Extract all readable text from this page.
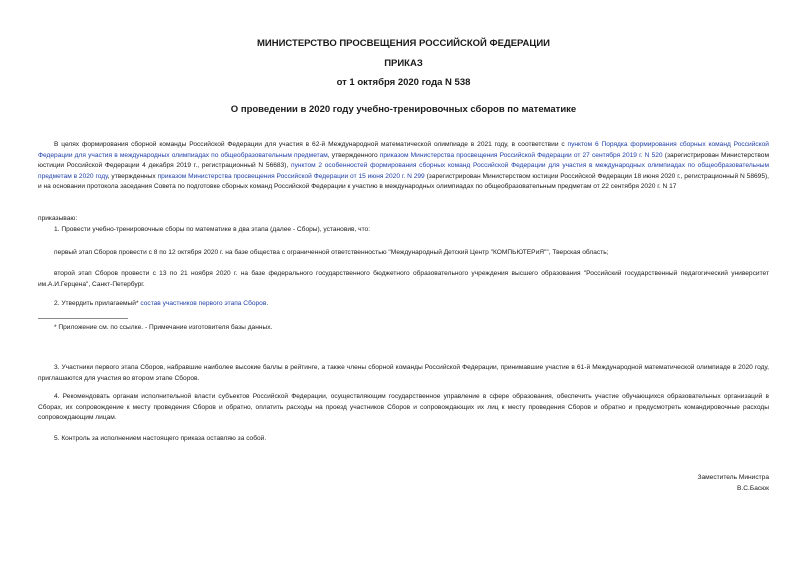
МИНИСТЕРСТВО ПРОСВЕЩЕНИЯ РОССИЙСКОЙ ФЕДЕРАЦИИ
ПРИКАЗ
от 1 октября 2020 года N 538
О проведении в 2020 году учебно-тренировочных сборов по математике
В целях формирования сборной команды Российской Федерации для участия в 62-й Международной математической олимпиаде в 2021 году, в соответствии с пунктом 6 Порядка формирования сборных команд Российской Федерации для участия в международных олимпиадах по общеобразовательным предметам, утвержденного приказом Министерства просвещения Российской Федерации от 27 сентября 2019 г. N 520 (зарегистрирован Министерством юстиции Российской Федерации 4 декабря 2019 г., регистрационный N 56683), пунктом 2 особенностей формирования сборных команд Российской Федерации для участия в международных олимпиадах по общеобразовательным предметам в 2020 году, утвержденных приказом Министерства просвещения Российской Федерации от 15 июня 2020 г. N 299 (зарегистрирован Министерством юстиции Российской Федерации 18 июня 2020 г., регистрационный N 58695), и на основании протокола заседания Совета по подготовке сборных команд Российской Федерации к участию в международных олимпиадах по общеобразовательным предметам от 22 сентября 2020 г. N 17
приказываю:
1. Провести учебно-тренировочные сборы по математике в два этапа (далее - Сборы), установив, что:
первый этап Сборов провести с 8 по 12 октября 2020 г. на базе общества с ограниченной ответственностью "Международный Детский Центр "КОМПЬЮТЕРиЯ"", Тверская область;
второй этап Сборов провести с 13 по 21 ноября 2020 г. на базе федерального государственного бюджетного образовательного учреждения высшего образования "Российский государственный педагогический университет им.А.И.Герцена", Санкт-Петербург.
2. Утвердить прилагаемый* состав участников первого этапа Сборов.
* Приложение см. по ссылке. - Примечание изготовителя базы данных.
3. Участники первого этапа Сборов, набравшие наиболее высокие баллы в рейтинге, а также члены сборной команды Российской Федерации, принимавшие участие в 61-й Международной математической олимпиаде в 2020 году, приглашаются для участия во втором этапе Сборов.
4. Рекомендовать органам исполнительной власти субъектов Российской Федерации, осуществляющим государственное управление в сфере образования, обеспечить участие обучающихся образовательных организаций в Сборах, их сопровождение к месту проведения Сборов и обратно, оплатить расходы на проезд участников Сборов и сопровождающих их лиц к месту проведения Сборов и обратно и предусмотреть командировочные расходы сопровождающим лицам.
5. Контроль за исполнением настоящего приказа оставляю за собой.
Заместитель Министра
В.С.Басюк
